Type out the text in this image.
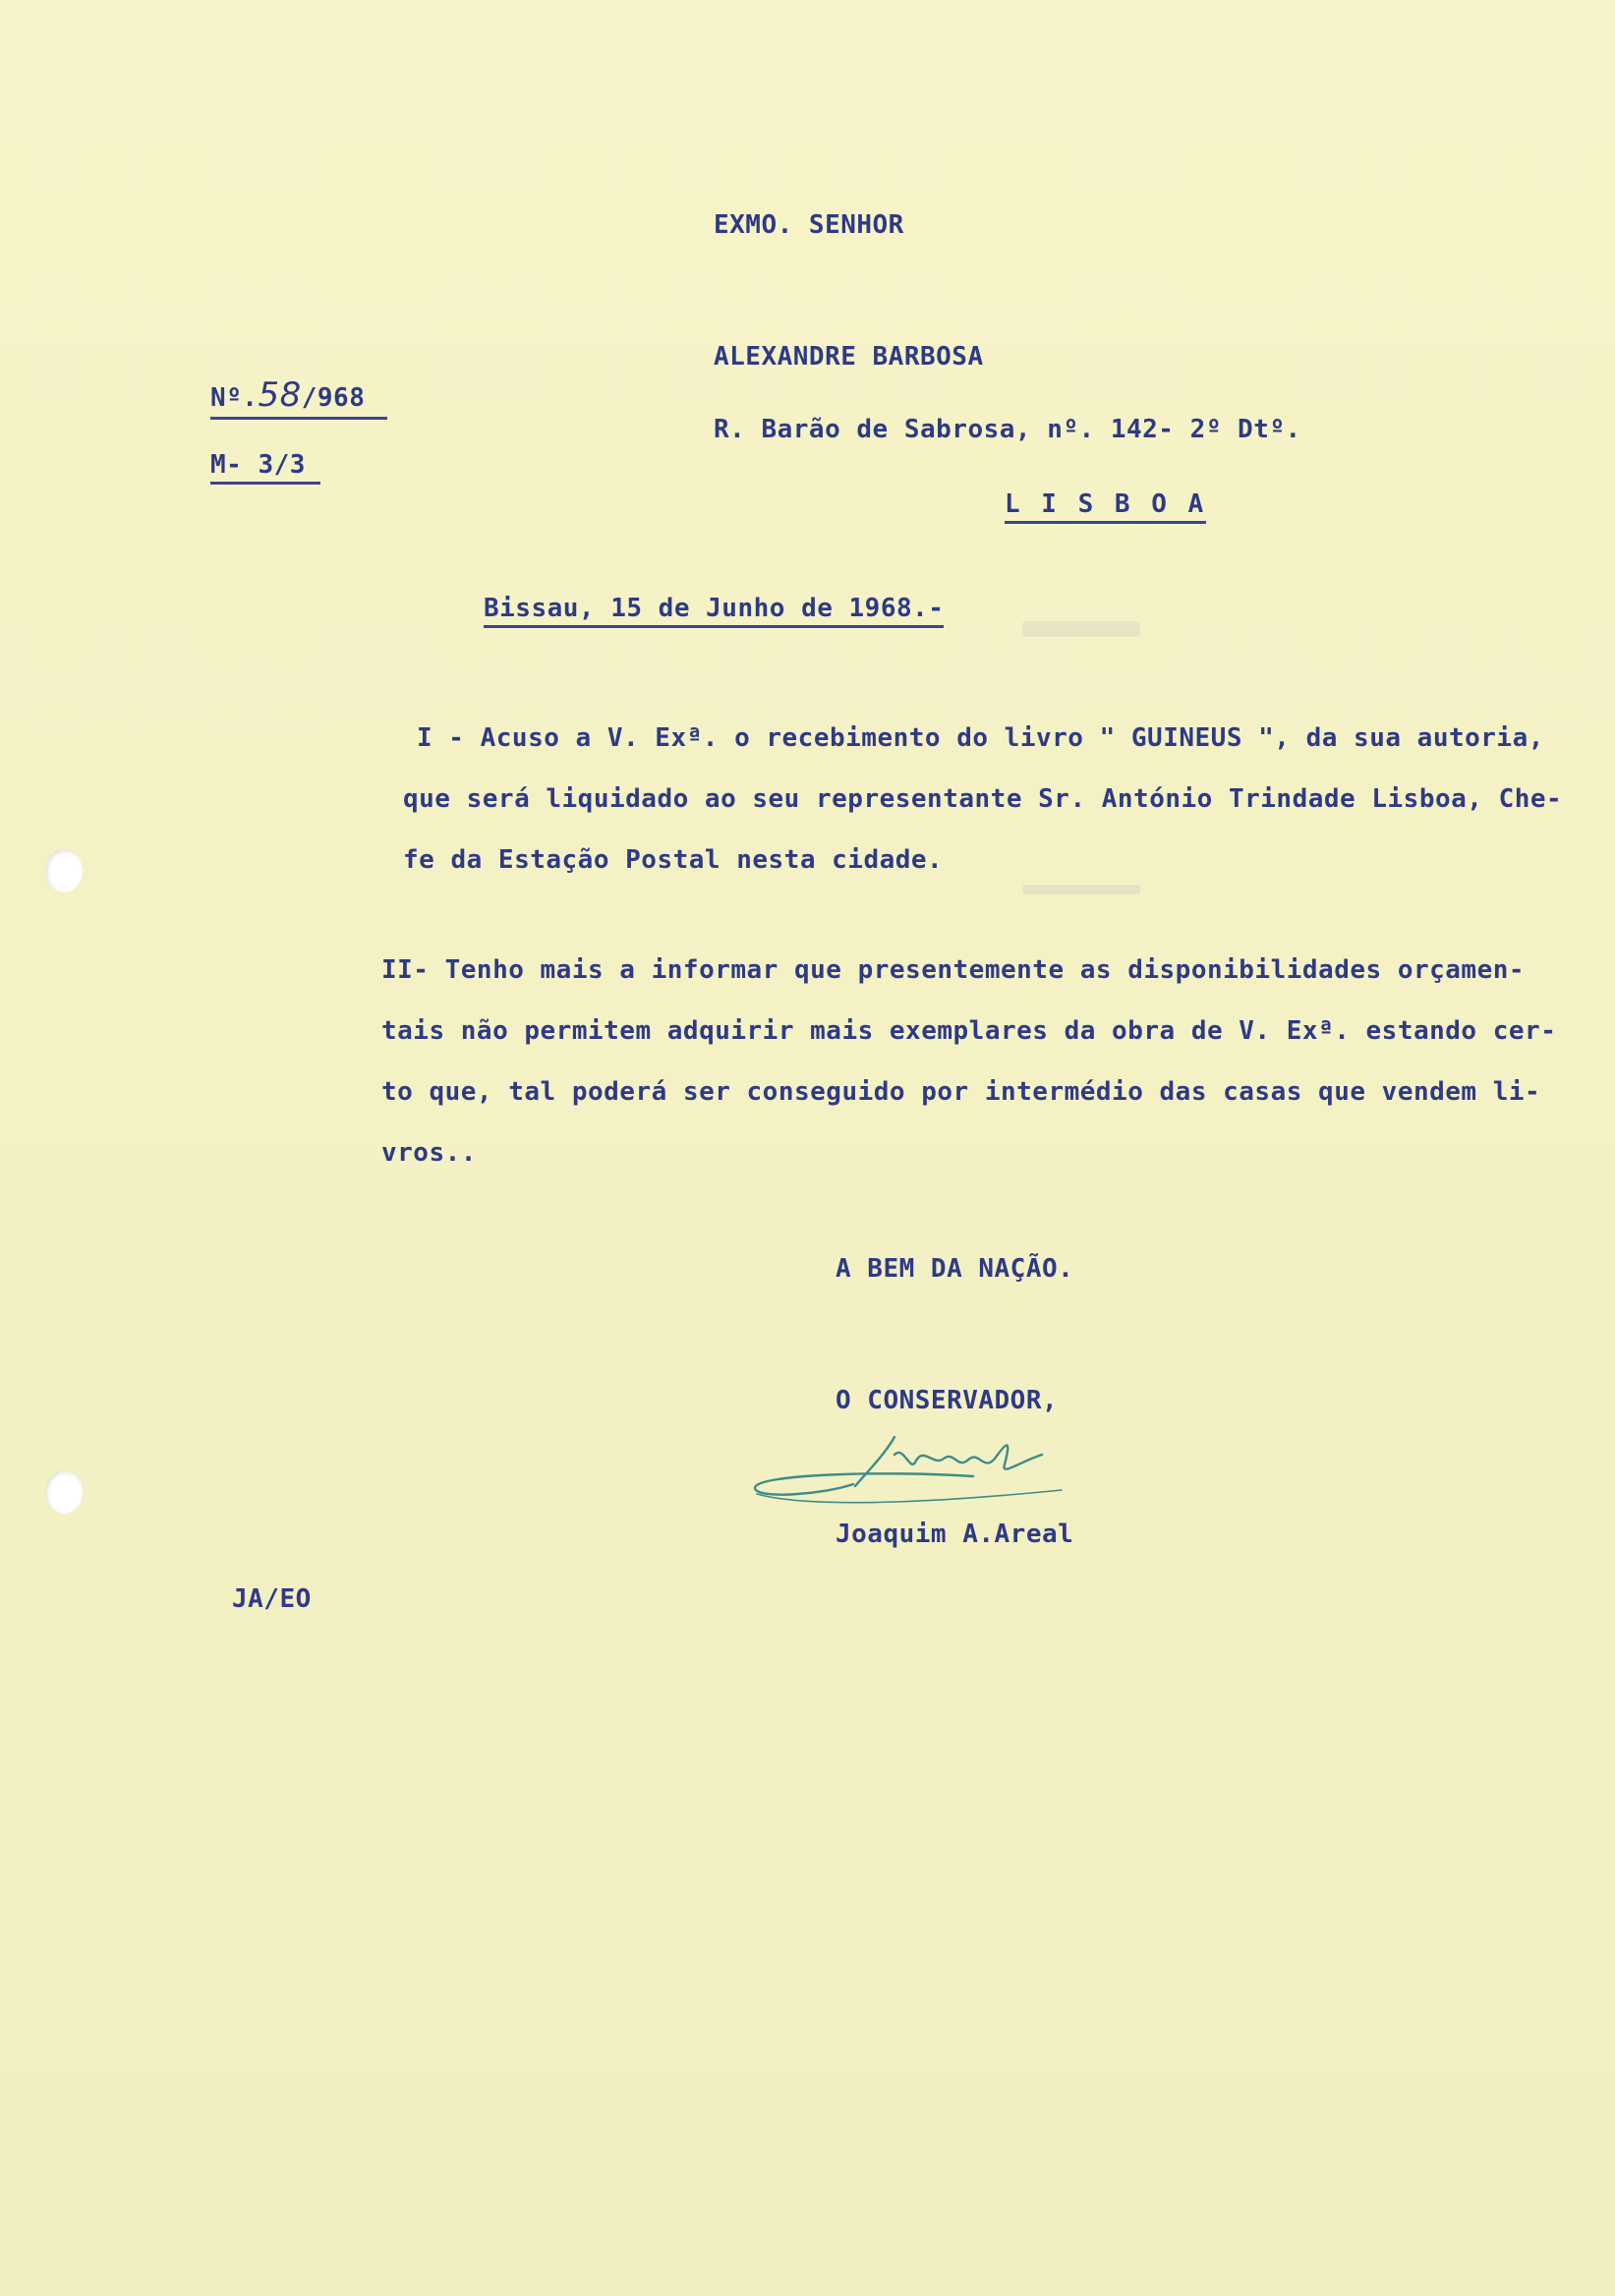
EXMO. SENHOR
ALEXANDRE BARBOSA
R. Barão de Sabrosa, nº. 142- 2º Dtº.
L I S B O A
Nº.58/968
M- 3/3
Bissau, 15 de Junho de 1968.-
I - Acuso a V. Exª. o recebimento do livro " GUINEUS ", da sua autoria,
que será liquidado ao seu representante Sr. António Trindade Lisboa, Che-
fe da Estação Postal nesta cidade.
II- Tenho mais a informar que presentemente as disponibilidades orçamen-
tais não permitem adquirir mais exemplares da obra de V. Exª. estando cer-
to que, tal poderá ser conseguido por intermédio das casas que vendem li-
vros..
A BEM DA NAÇÃO.
O CONSERVADOR,
Joaquim A.Areal
JA/EO
